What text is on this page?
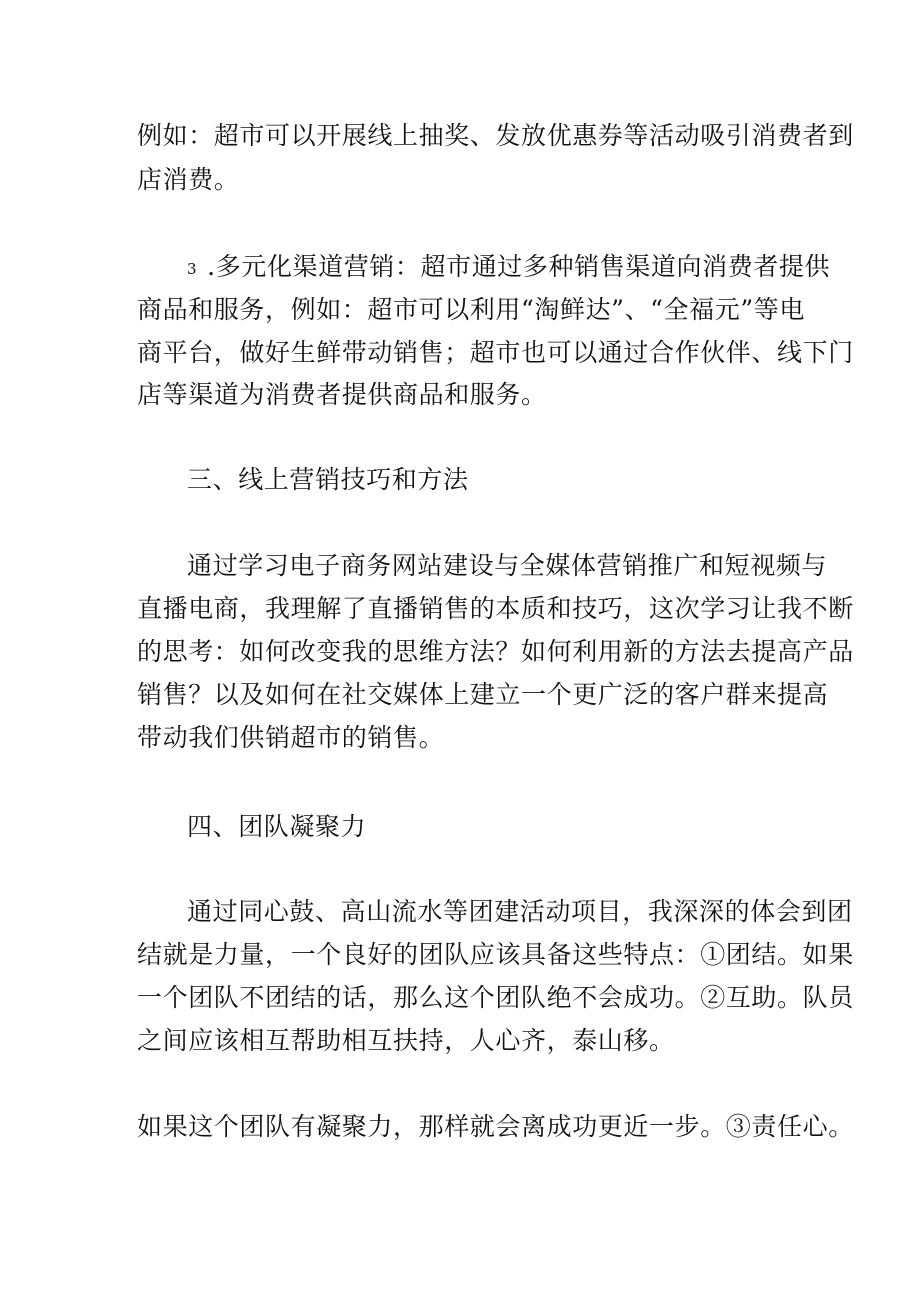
例如：超市可以开展线上抽奖、发放优惠券等活动吸引消费者到
店消费。
3 .多元化渠道营销：超市通过多种销售渠道向消费者提供
商品和服务，例如：超市可以利用“淘鲜达”、“全福元”等电
商平台，做好生鲜带动销售；超市也可以通过合作伙伴、线下门
店等渠道为消费者提供商品和服务。
三、线上营销技巧和方法
通过学习电子商务网站建设与全媒体营销推广和短视频与
直播电商，我理解了直播销售的本质和技巧，这次学习让我不断
的思考：如何改变我的思维方法？如何利用新的方法去提高产品
销售？以及如何在社交媒体上建立一个更广泛的客户群来提高
带动我们供销超市的销售。
四、团队凝聚力
通过同心鼓、高山流水等团建活动项目，我深深的体会到团
结就是力量，一个良好的团队应该具备这些特点：①团结。如果
一个团队不团结的话，那么这个团队绝不会成功。②互助。队员
之间应该相互帮助相互扶持，人心齐，泰山移。
如果这个团队有凝聚力，那样就会离成功更近一步。③责任心。
